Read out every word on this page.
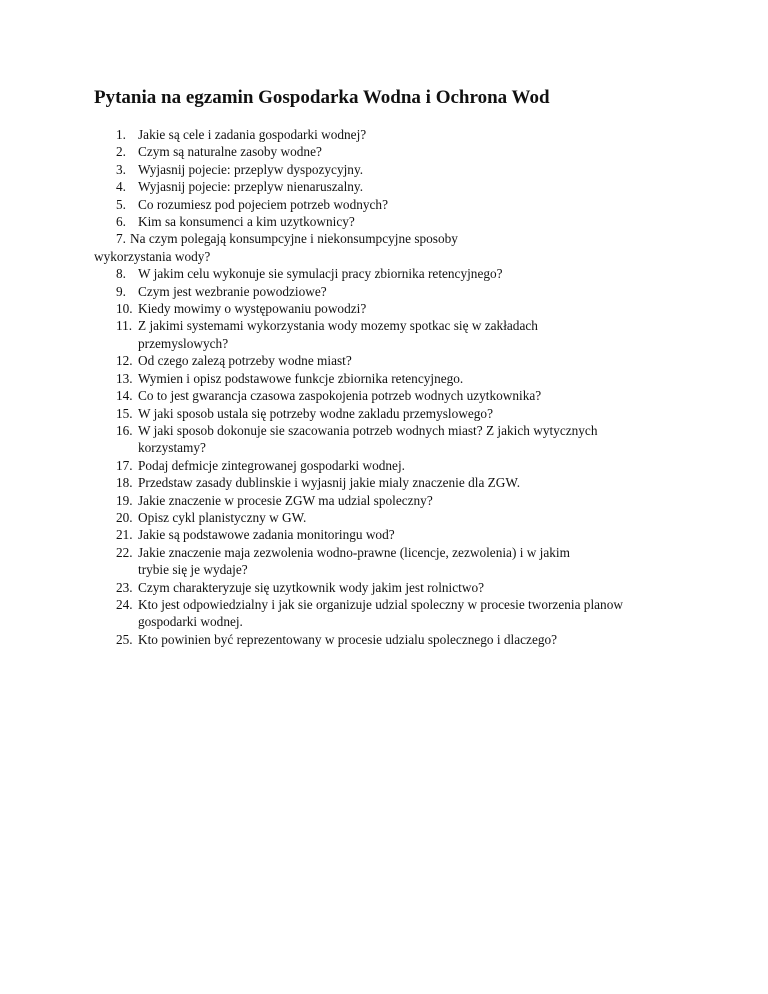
Pytania na egzamin Gospodarka Wodna i Ochrona Wod
1. Jakie są cele i zadania gospodarki wodnej?
2. Czym są naturalne zasoby wodne?
3. Wyjasnij pojecie: przeplyw dyspozycyjny.
4. Wyjasnij pojecie: przeplyw nienaruszalny.
5. Co rozumiesz pod pojeciem potrzeb wodnych?
6. Kim sa konsumenci a kim uzytkownicy?
7. Na czym polegają konsumpcyjne i niekonsumpcyjne sposoby wykorzystania wody?
8. W jakim celu wykonuje sie symulacji pracy zbiornika retencyjnego?
9. Czym jest wezbranie powodziowe?
10. Kiedy mowimy o występowaniu powodzi?
11. Z jakimi systemami wykorzystania wody mozemy spotkac się w zakładach przemyslowych?
12. Od czego zalezą potrzeby wodne miast?
13. Wymien i opisz podstawowe funkcje zbiornika retencyjnego.
14. Co to jest gwarancja czasowa zaspokojenia potrzeb wodnych uzytkownika?
15. W jaki sposob ustala się potrzeby wodne zakladu przemyslowego?
16. W jaki sposob dokonuje sie szacowania potrzeb wodnych miast? Z jakich wytycznych korzystamy?
17. Podaj defmicje zintegrowanej gospodarki wodnej.
18. Przedstaw zasady dublinskie i wyjasnij jakie mialy znaczenie dla ZGW.
19. Jakie znaczenie w procesie ZGW ma udzial spoleczny?
20. Opisz cykl planistyczny w GW.
21. Jakie są podstawowe zadania monitoringu wod?
22. Jakie znaczenie maja zezwolenia wodno-prawne (licencje, zezwolenia) i w jakim trybie się je wydaje?
23. Czym charakteryzuje się uzytkownik wody jakim jest rolnictwo?
24. Kto jest odpowiedzialny i jak sie organizuje udzial spoleczny w procesie tworzenia planow gospodarki wodnej.
25. Kto powinien być reprezentowany w procesie udzialu spolecznego i dlaczego?
